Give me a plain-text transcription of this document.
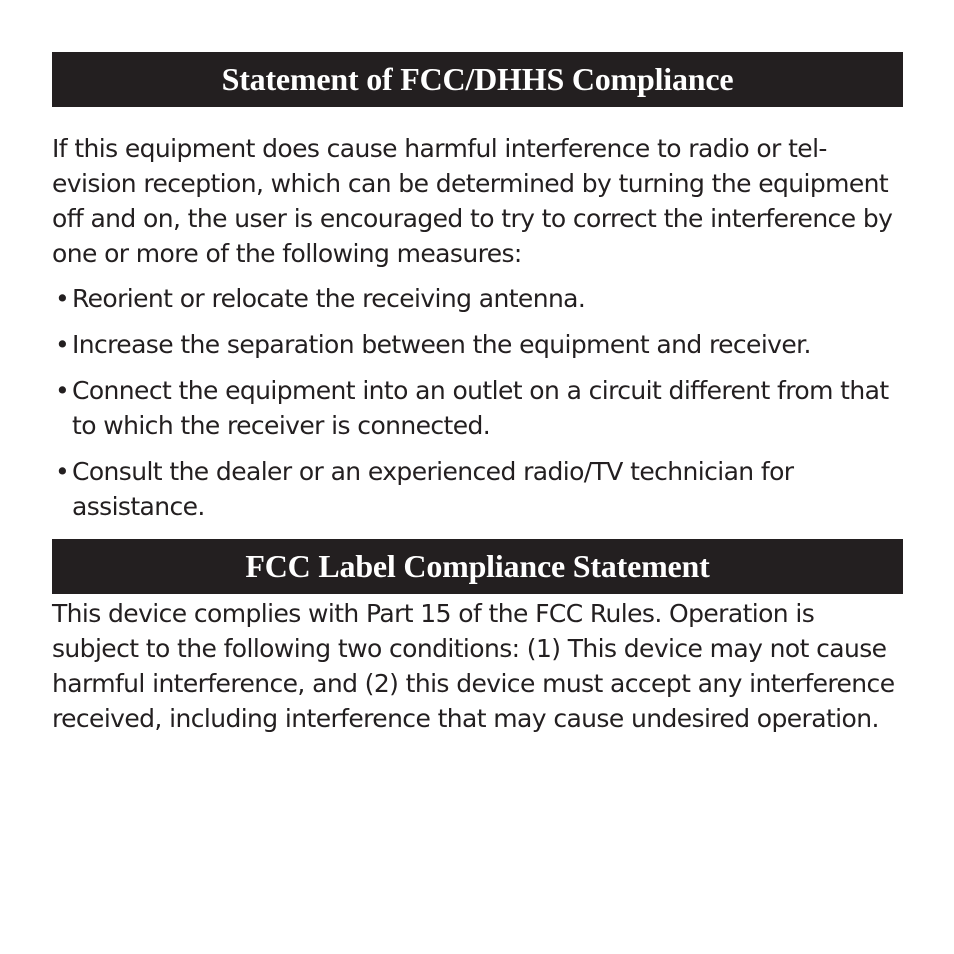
Statement of FCC/DHHS Compliance

If this equipment does cause harmful interference to radio or tel-evision reception, which can be determined by turning the equipment off and on, the user is encouraged to try to correct the interference by one or more of the following measures:

• Reorient or relocate the receiving antenna.
• Increase the separation between the equipment and receiver.
• Connect the equipment into an outlet on a circuit different from that to which the receiver is connected.
• Consult the dealer or an experienced radio/TV technician for assistance.
FCC Label Compliance Statement

This device complies with Part 15 of the FCC Rules. Operation is subject to the following two conditions: (1) This device may not cause harmful interference, and (2) this device must accept any interference received, including interference that may cause undesired operation.
